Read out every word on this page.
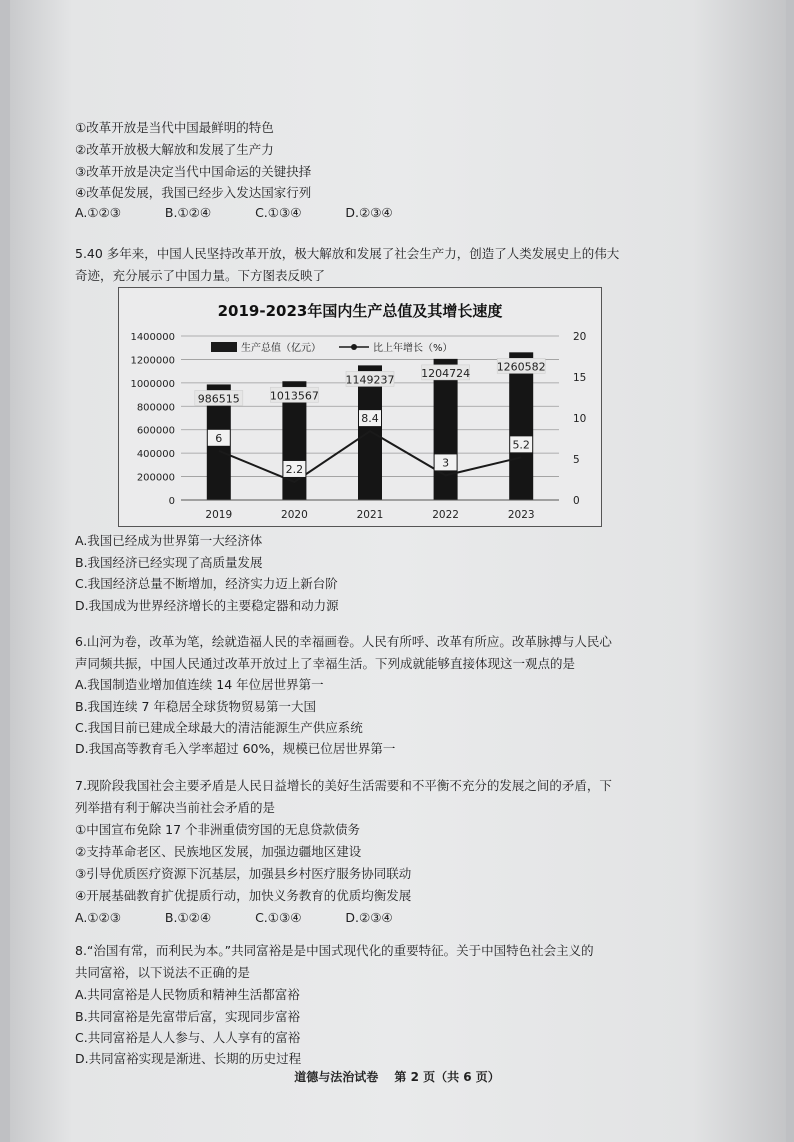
①改革开放是当代中国最鲜明的特色
②改革开放极大解放和发展了生产力
③改革开放是决定当代中国命运的关键抉择
④改革促发展，我国已经步入发达国家行列
A.①②③	B.①②④	C.①③④	D.②③④
5.40 多年来，中国人民坚持改革开放，极大解放和发展了社会生产力，创造了人类发展史上的伟大
奇迹，充分展示了中国力量。下方图表反映了
2019-2023年国内生产总值及其增长速度
0
200000
400000
600000
800000
1000000
1200000
1400000
0
5
10
15
20
生产总值（亿元）	比上年增长（%）
986515
2019
1013567
2020
1149237
2021
1204724
2022
1260582
2023
6
2.2
8.4
3
5.2
A.我国已经成为世界第一大经济体
B.我国经济已经实现了高质量发展
C.我国经济总量不断增加，经济实力迈上新台阶
D.我国成为世界经济增长的主要稳定器和动力源
6.山河为卷，改革为笔，绘就造福人民的幸福画卷。人民有所呼、改革有所应。改革脉搏与人民心
声同频共振，中国人民通过改革开放过上了幸福生活。下列成就能够直接体现这一观点的是
A.我国制造业增加值连续 14 年位居世界第一
B.我国连续 7 年稳居全球货物贸易第一大国
C.我国目前已建成全球最大的清洁能源生产供应系统
D.我国高等教育毛入学率超过 60%，规模已位居世界第一
7.现阶段我国社会主要矛盾是人民日益增长的美好生活需要和不平衡不充分的发展之间的矛盾，下
列举措有利于解决当前社会矛盾的是
①中国宣布免除 17 个非洲重债穷国的无息贷款债务
②支持革命老区、民族地区发展，加强边疆地区建设
③引导优质医疗资源下沉基层，加强县乡村医疗服务协同联动
④开展基础教育扩优提质行动，加快义务教育的优质均衡发展
A.①②③	B.①②④	C.①③④	D.②③④
8.“治国有常，而利民为本。”共同富裕是是中国式现代化的重要特征。关于中国特色社会主义的
共同富裕，以下说法不正确的是
A.共同富裕是人民物质和精神生活都富裕
B.共同富裕是先富带后富，实现同步富裕
C.共同富裕是人人参与、人人享有的富裕
D.共同富裕实现是渐进、长期的历史过程
道德与法治试卷 第 2 页（共 6 页）
